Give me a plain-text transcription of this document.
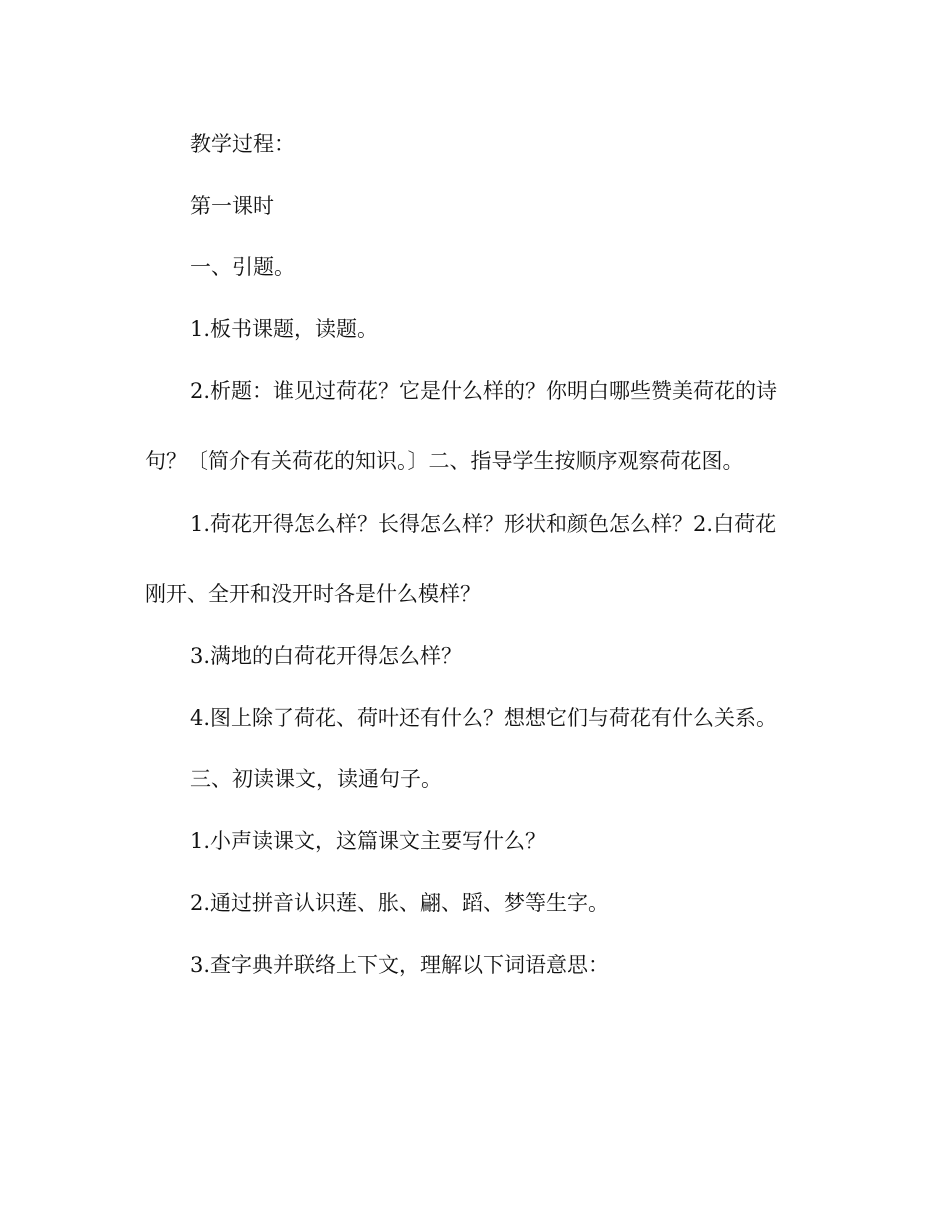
教学过程：
第一课时
一、引题。
1.板书课题，读题。
2.析题：谁见过荷花？它是什么样的？你明白哪些赞美荷花的诗
句？〔简介有关荷花的知识。〕二、指导学生按顺序观察荷花图。
1.荷花开得怎么样？长得怎么样？形状和颜色怎么样？2.白荷花
刚开、全开和没开时各是什么模样？
3.满地的白荷花开得怎么样？
4.图上除了荷花、荷叶还有什么？想想它们与荷花有什么关系。
三、初读课文，读通句子。
1.小声读课文，这篇课文主要写什么？
2.通过拼音认识莲、胀、翩、蹈、梦等生字。
3.查字典并联络上下文，理解以下词语意思：
